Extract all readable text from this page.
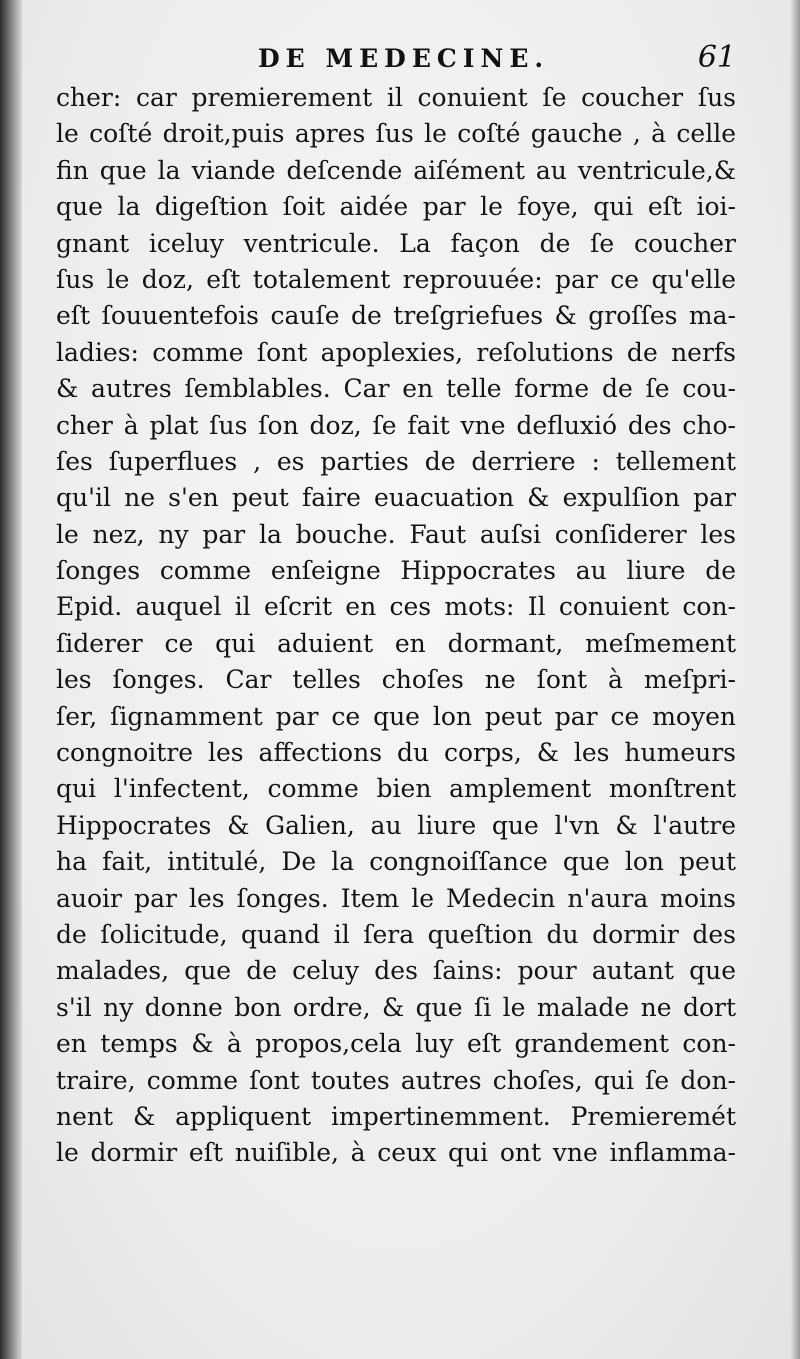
DE MEDECINE.	61
cher: car premierement il conuient ſe coucher ſus
le coſté droit,puis apres ſus le coſté gauche , à celle
fin que la viande deſcende aiſément au ventricule,&
que la digeſtion ſoit aidée par le foye, qui eſt ioi-
gnant iceluy ventricule. La façon de ſe coucher
ſus le doz, eſt totalement reprouuée: par ce qu'elle
eſt ſouuentefois cauſe de treſgriefues & groſſes ma-
ladies: comme ſont apoplexies, reſolutions de nerfs
& autres ſemblables. Car en telle forme de ſe cou-
cher à plat ſus ſon doz, ſe fait vne defluxió des cho-
ſes ſuperflues , es parties de derriere : tellement
qu'il ne s'en peut faire euacuation & expulſion par
le nez, ny par la bouche. Faut auſsi conſiderer les
ſonges comme enſeigne Hippocrates au liure de
Epid. auquel il eſcrit en ces mots: Il conuient con-
ſiderer ce qui aduient en dormant, meſmement
les ſonges. Car telles choſes ne ſont à meſpri-
ſer, ſignamment par ce que lon peut par ce moyen
congnoitre les affections du corps, & les humeurs
qui l'infectent, comme bien amplement monſtrent
Hippocrates & Galien, au liure que l'vn & l'autre
ha fait, intitulé, De la congnoiſſance que lon peut
auoir par les ſonges. Item le Medecin n'aura moins
de ſolicitude, quand il ſera queſtion du dormir des
malades, que de celuy des ſains: pour autant que
s'il ny donne bon ordre, & que ſi le malade ne dort
en temps & à propos,cela luy eſt grandement con-
traire, comme ſont toutes autres choſes, qui ſe don-
nent & appliquent impertinemment. Premieremét
le dormir eſt nuiſible, à ceux qui ont vne inflamma-
